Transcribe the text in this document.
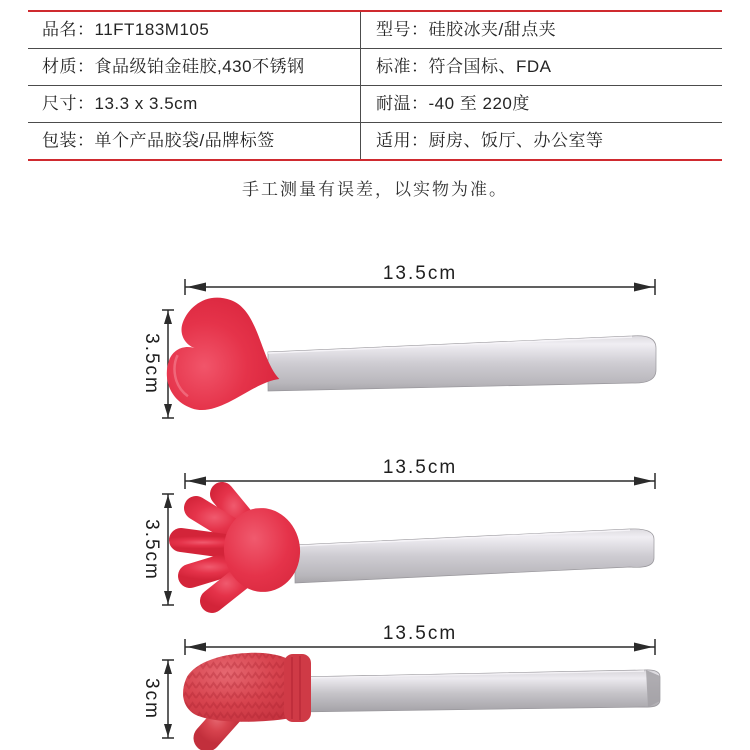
品名：11FT183M105	型号：硅胶冰夹/甜点夹
材质：食品级铂金硅胶,430不锈钢	标准：符合国标、FDA
尺寸：13.3 x 3.5cm	耐温：-40 至 220度
包装：单个产品胶袋/品牌标签	适用：厨房、饭厅、办公室等
手工测量有误差，以实物为准。
13.5cm
3.5cm
13.5cm
3.5cm
13.5cm
3cm
